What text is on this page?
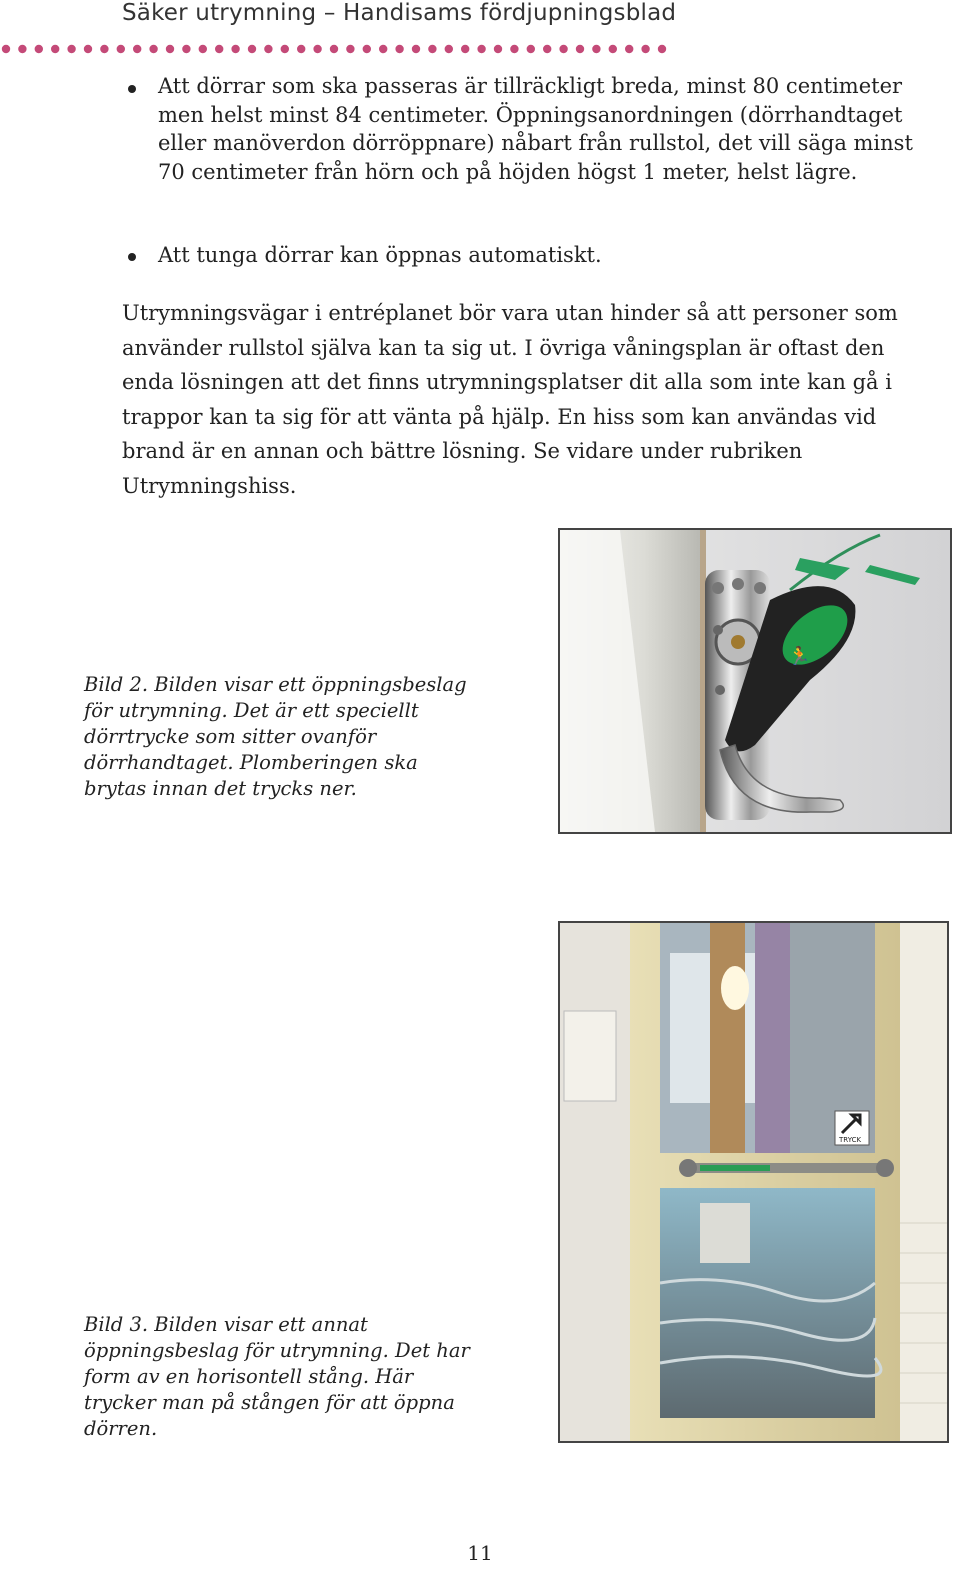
Säker utrymning – Handisams fördjupningsblad
Att dörrar som ska passeras är tillräckligt breda, minst 80 centimeter men helst minst 84 centimeter. Öppningsanordningen (dörrhandtaget eller manöverdon dörröppnare) nåbart från rullstol, det vill säga minst 70 centimeter från hörn och på höjden högst 1 meter, helst lägre.
Att tunga dörrar kan öppnas automatiskt.
Utrymningsvägar i entréplanet bör vara utan hinder så att personer som använder rullstol själva kan ta sig ut. I övriga våningsplan är oftast den enda lösningen att det finns utrymningsplatser dit alla som inte kan gå i trappor kan ta sig för att vänta på hjälp. En hiss som kan användas vid brand är en annan och bättre lösning. Se vidare under rubriken Utrymningshiss.
Bild 2. Bilden visar ett öppningsbeslag
för utrymning. Det är ett speciellt
dörrtrycke som sitter ovanför
dörrhandtaget. Plomberingen ska
brytas innan det trycks ner.
🏃
TRYCK
Bild 3. Bilden visar ett annat
öppningsbeslag för utrymning. Det har
form av en horisontell stång. Här
trycker man på stången för att öppna
dörren.
11
